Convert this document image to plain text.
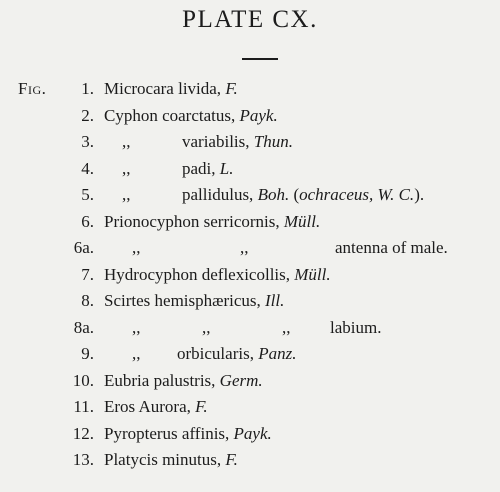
PLATE CX.
Fig. 1. Microcara livida, F.
2. Cyphon coarctatus, Payk.
3. ,,	variabilis, Thun.
4. ,,	padi, L.
5. ,,	pallidulus, Boh. (ochraceus, W. C.).
6. Prionocyphon serricornis, Müll.
6a. ,,	,,	antenna of male.
7. Hydrocyphon deflexicollis, Müll.
8. Scirtes hemisphæricus, Ill.
8a. ,,	,,	,, labium.
9. ,, orbicularis, Panz.
10. Eubria palustris, Germ.
11. Eros Aurora, F.
12. Pyropterus affinis, Payk.
13. Platycis minutus, F.
